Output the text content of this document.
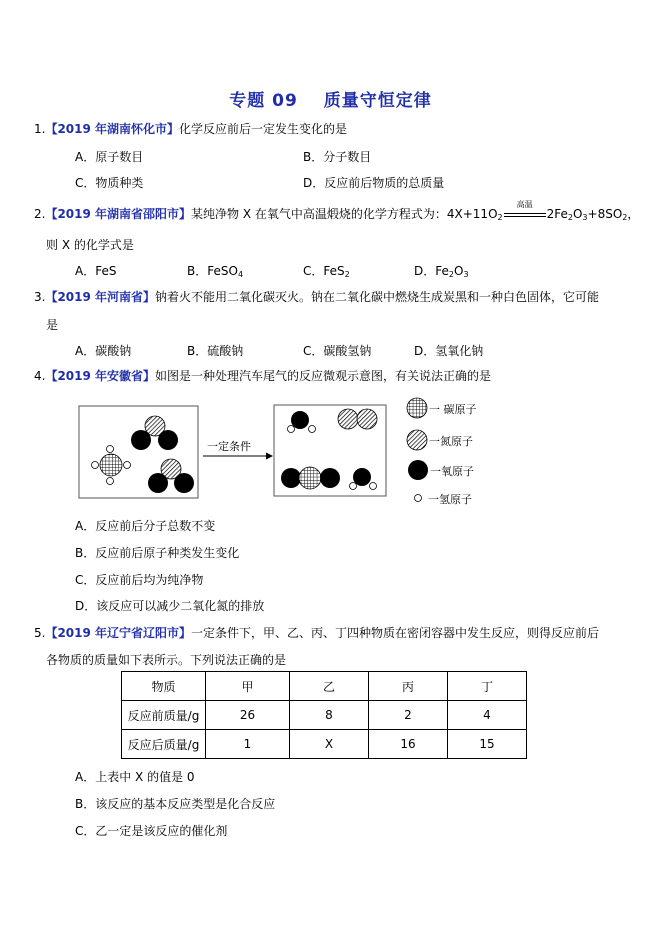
专题 09 质量守恒定律
1.【2019 年湖南怀化市】化学反应前后一定发生变化的是
A．原子数目	B．分子数目
C．物质种类	D．反应前后物质的总质量
2.【2019 年湖南省邵阳市】某纯净物 X 在氧气中高温煅烧的化学方程式为：$4X+11O_2$
高温
$2Fe_2O_3+8SO_2$，
则 X 的化学式是
A．FeS	B．FeSO$_4$	C．FeS$_2$	D．$Fe_2O_3$
3.【2019 年河南省】钠着火不能用二氧化碳灭火。钠在二氧化碳中燃烧生成炭黑和一种白色固体，它可能
是
A．碳酸钠	B．硫酸钠	C．碳酸氢钠	D．氢氧化钠
4.【2019 年安徽省】如图是一种处理汽车尾气的反应微观示意图，有关说法正确的是
一定条件
一 碳原子
一氮原子
一氧原子
一氢原子
A．反应前后分子总数不变
B．反应前后原子种类发生变化
C．反应前后均为纯净物
D．该反应可以减少二氧化氮的排放
5.【2019 年辽宁省辽阳市】一定条件下，甲、乙、丙、丁四种物质在密闭容器中发生反应，则得反应前后
各物质的质量如下表所示。下列说法正确的是
物质	甲	乙	丙	丁
反应前质量/g	26	8	2	4
反应后质量/g	1	X	16	15
A．上表中 X 的值是 0
B．该反应的基本反应类型是化合反应
C．乙一定是该反应的催化剂
